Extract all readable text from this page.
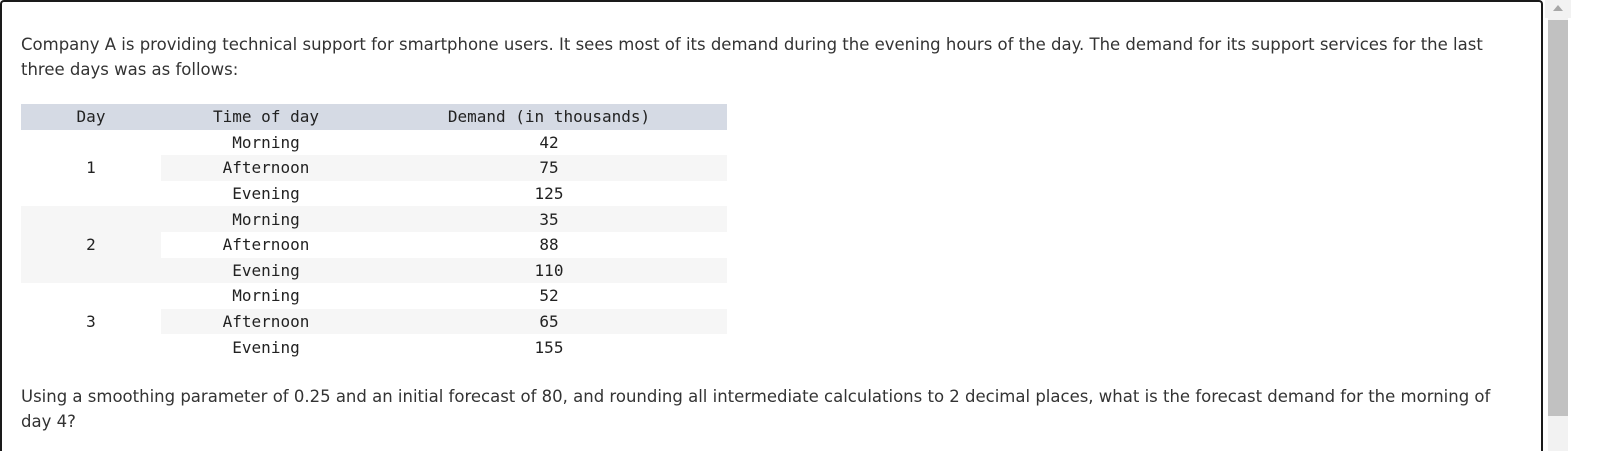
Company A is providing technical support for smartphone users. It sees most of its demand during the evening hours of the day. The demand for its support services for the last three days was as follows:

Day	Time of day	Demand (in thousands)
1	Morning	42
	Afternoon	75
	Evening	125
2	Morning	35
	Afternoon	88
	Evening	110
3	Morning	52
	Afternoon	65
	Evening	155

Using a smoothing parameter of 0.25 and an initial forecast of 80, and rounding all intermediate calculations to 2 decimal places, what is the forecast demand for the morning of day 4?
